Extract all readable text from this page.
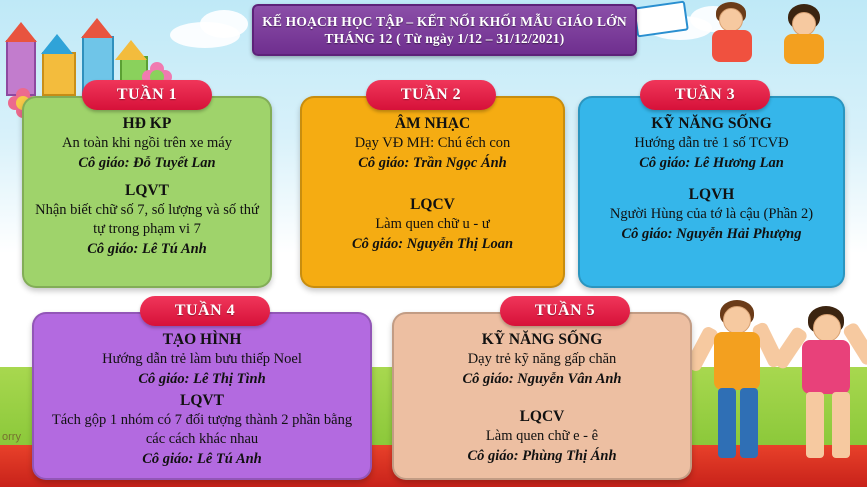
orry
KẾ HOẠCH HỌC TẬP – KẾT NỐI KHỐI MẪU GIÁO LỚN
THÁNG 12 ( Từ ngày 1/12 – 31/12/2021)
TUẦN 1
HĐ KP
An toàn khi ngồi trên xe máy
Cô giáo: Đỗ Tuyết Lan
LQVT
Nhận biết chữ số 7, số lượng và số thứ tự trong phạm vi 7
Cô giáo: Lê Tú Anh
TUẦN 2
ÂM NHẠC
Dạy VĐ MH: Chú ếch con
Cô giáo: Trần Ngọc Ánh
LQCV
Làm quen chữ u - ư
Cô giáo: Nguyễn Thị Loan
TUẦN 3
KỸ NĂNG SỐNG
Hướng dẫn trẻ 1 số TCVĐ
Cô giáo: Lê Hương Lan
LQVH
Người Hùng của tớ là cậu (Phần 2)
Cô giáo: Nguyễn Hải Phượng
TUẦN 4
TẠO HÌNH
Hướng dẫn trẻ làm bưu thiếp Noel
Cô giáo: Lê Thị Tình
LQVT
Tách gộp 1 nhóm có 7 đối tượng thành 2 phần bằng các cách khác nhau
Cô giáo: Lê Tú Anh
TUẦN 5
KỸ NĂNG SỐNG
Dạy trẻ kỹ năng gấp chăn
Cô giáo: Nguyễn Vân Anh
LQCV
Làm quen chữ e - ê
Cô giáo: Phùng Thị Ánh
